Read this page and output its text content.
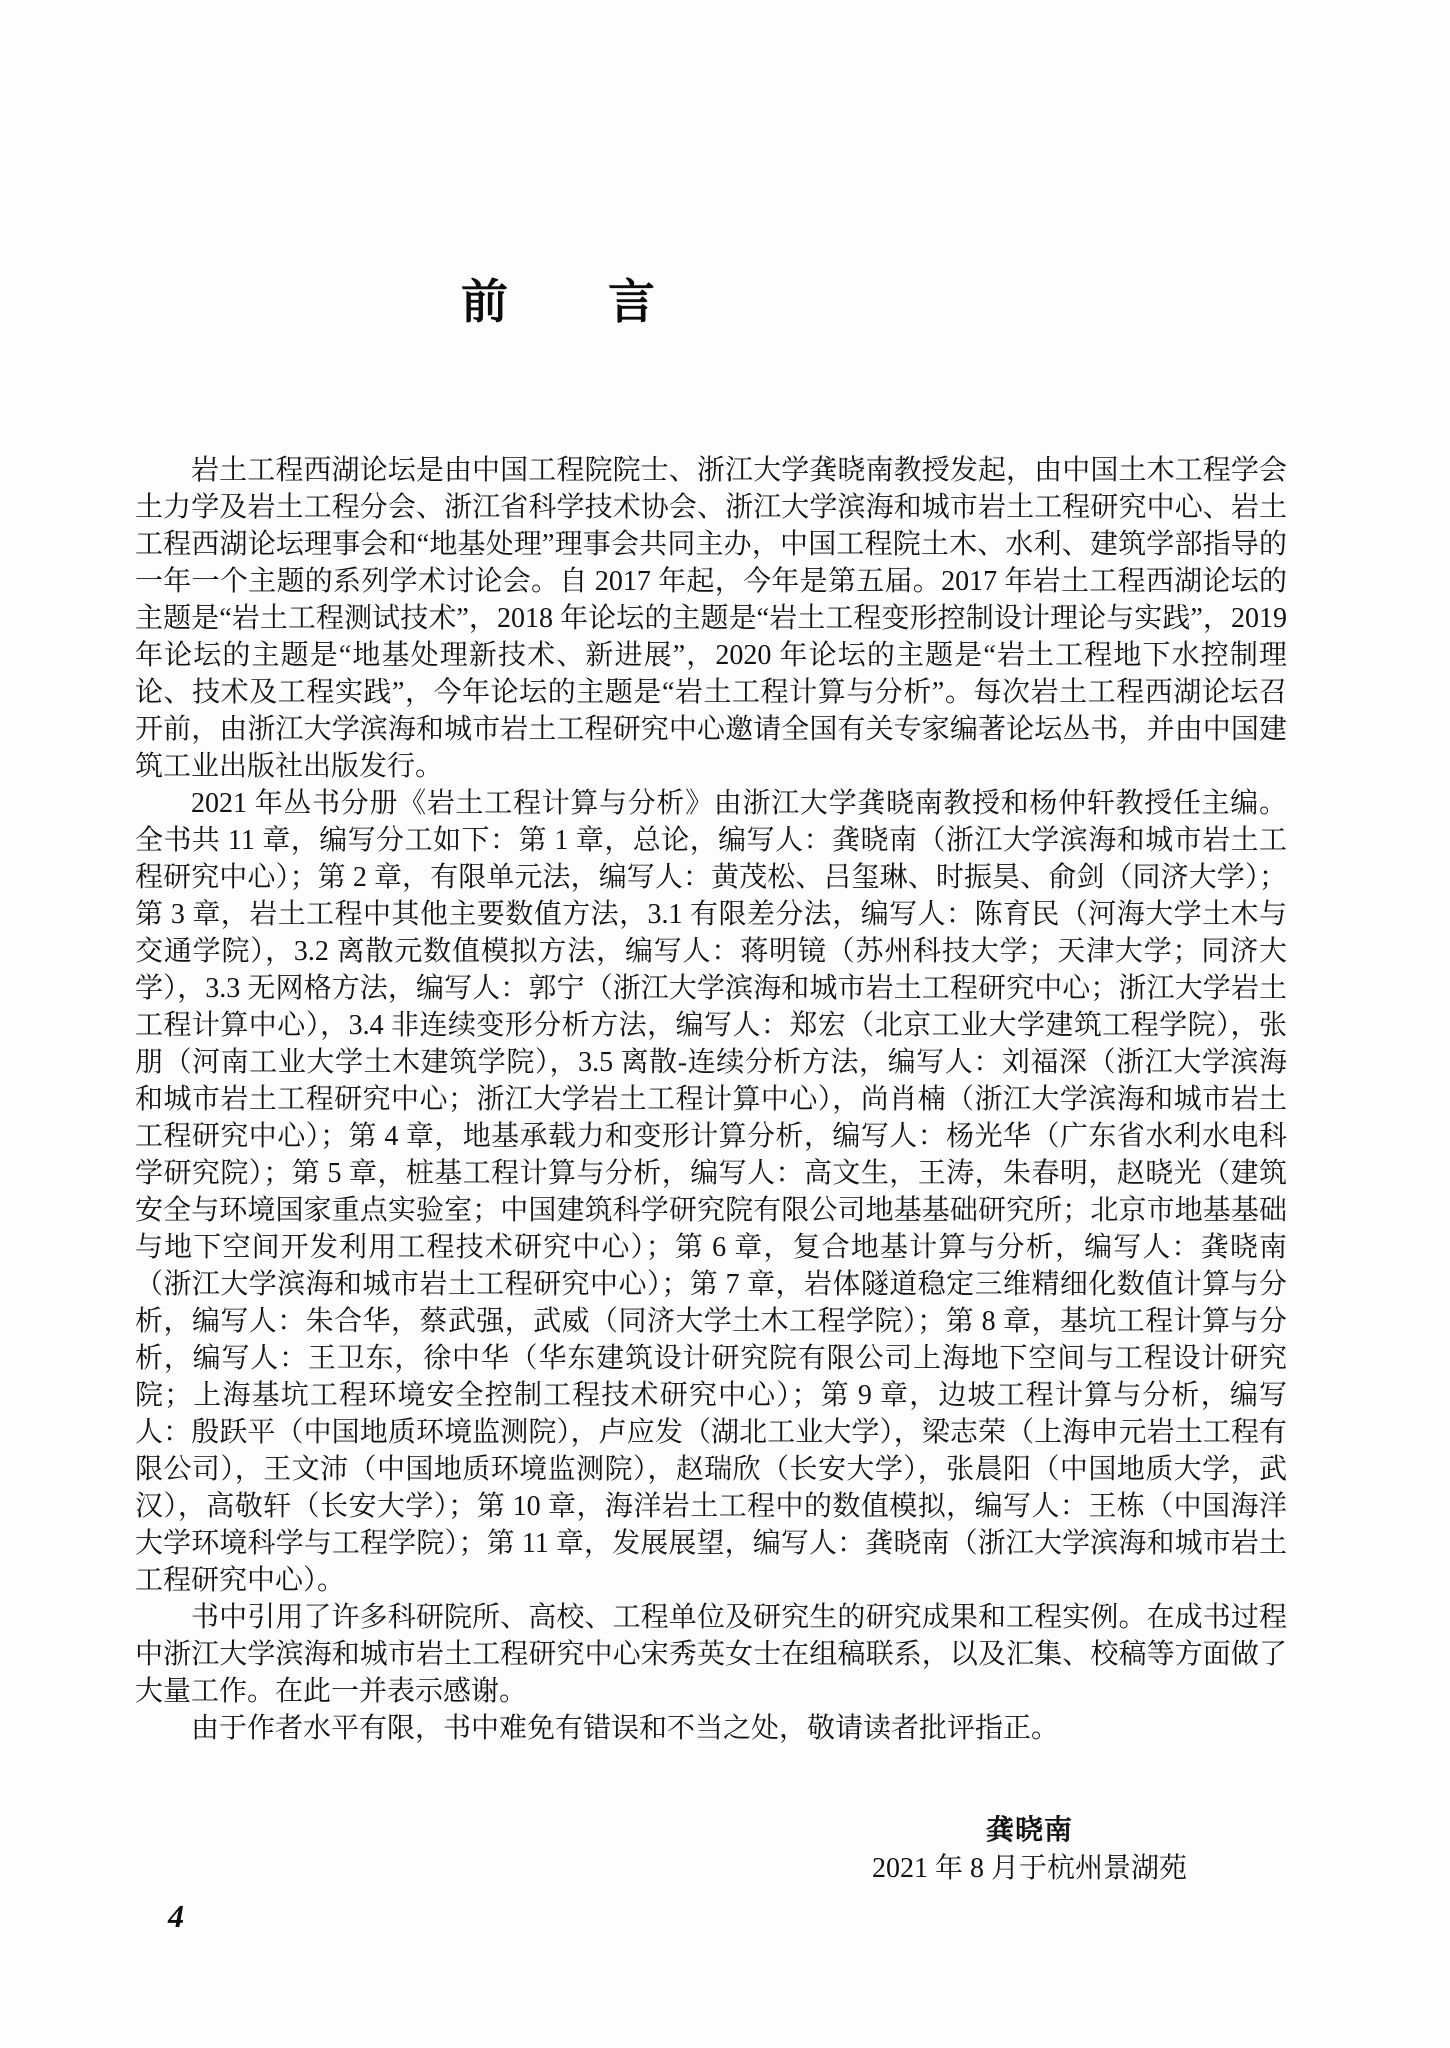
前　　言

岩土工程西湖论坛是由中国工程院院士、浙江大学龚晓南教授发起，由中国土木工程学会土力学及岩土工程分会、浙江省科学技术协会、浙江大学滨海和城市岩土工程研究中心、岩土工程西湖论坛理事会和“地基处理”理事会共同主办，中国工程院土木、水利、建筑学部指导的一年一个主题的系列学术讨论会。自 2017 年起，今年是第五届。2017 年岩土工程西湖论坛的主题是“岩土工程测试技术”，2018 年论坛的主题是“岩土工程变形控制设计理论与实践”，2019 年论坛的主题是“地基处理新技术、新进展”，2020 年论坛的主题是“岩土工程地下水控制理论、技术及工程实践”，今年论坛的主题是“岩土工程计算与分析”。每次岩土工程西湖论坛召开前，由浙江大学滨海和城市岩土工程研究中心邀请全国有关专家编著论坛丛书，并由中国建筑工业出版社出版发行。

2021 年丛书分册《岩土工程计算与分析》由浙江大学龚晓南教授和杨仲轩教授任主编。全书共 11 章，编写分工如下：第 1 章，总论，编写人：龚晓南（浙江大学滨海和城市岩土工程研究中心）；第 2 章，有限单元法，编写人：黄茂松、吕玺琳、时振昊、俞剑（同济大学）；第 3 章，岩土工程中其他主要数值方法，3.1 有限差分法，编写人：陈育民（河海大学土木与交通学院），3.2 离散元数值模拟方法，编写人：蒋明镜（苏州科技大学；天津大学；同济大学），3.3 无网格方法，编写人：郭宁（浙江大学滨海和城市岩土工程研究中心；浙江大学岩土工程计算中心），3.4 非连续变形分析方法，编写人：郑宏（北京工业大学建筑工程学院），张朋（河南工业大学土木建筑学院），3.5 离散-连续分析方法，编写人：刘福深（浙江大学滨海和城市岩土工程研究中心；浙江大学岩土工程计算中心），尚肖楠（浙江大学滨海和城市岩土工程研究中心）；第 4 章，地基承载力和变形计算分析，编写人：杨光华（广东省水利水电科学研究院）；第 5 章，桩基工程计算与分析，编写人：高文生，王涛，朱春明，赵晓光（建筑安全与环境国家重点实验室；中国建筑科学研究院有限公司地基基础研究所；北京市地基基础与地下空间开发利用工程技术研究中心）；第 6 章，复合地基计算与分析，编写人：龚晓南（浙江大学滨海和城市岩土工程研究中心）；第 7 章，岩体隧道稳定三维精细化数值计算与分析，编写人：朱合华，蔡武强，武威（同济大学土木工程学院）；第 8 章，基坑工程计算与分析，编写人：王卫东，徐中华（华东建筑设计研究院有限公司上海地下空间与工程设计研究院；上海基坑工程环境安全控制工程技术研究中心）；第 9 章，边坡工程计算与分析，编写人：殷跃平（中国地质环境监测院），卢应发（湖北工业大学），梁志荣（上海申元岩土工程有限公司），王文沛（中国地质环境监测院），赵瑞欣（长安大学），张晨阳（中国地质大学，武汉），高敬轩（长安大学）；第 10 章，海洋岩土工程中的数值模拟，编写人：王栋（中国海洋大学环境科学与工程学院）；第 11 章，发展展望，编写人：龚晓南（浙江大学滨海和城市岩土工程研究中心）。

书中引用了许多科研院所、高校、工程单位及研究生的研究成果和工程实例。在成书过程中浙江大学滨海和城市岩土工程研究中心宋秀英女士在组稿联系，以及汇集、校稿等方面做了大量工作。在此一并表示感谢。

由于作者水平有限，书中难免有错误和不当之处，敬请读者批评指正。

龚晓南
2021 年 8 月于杭州景湖苑
4
